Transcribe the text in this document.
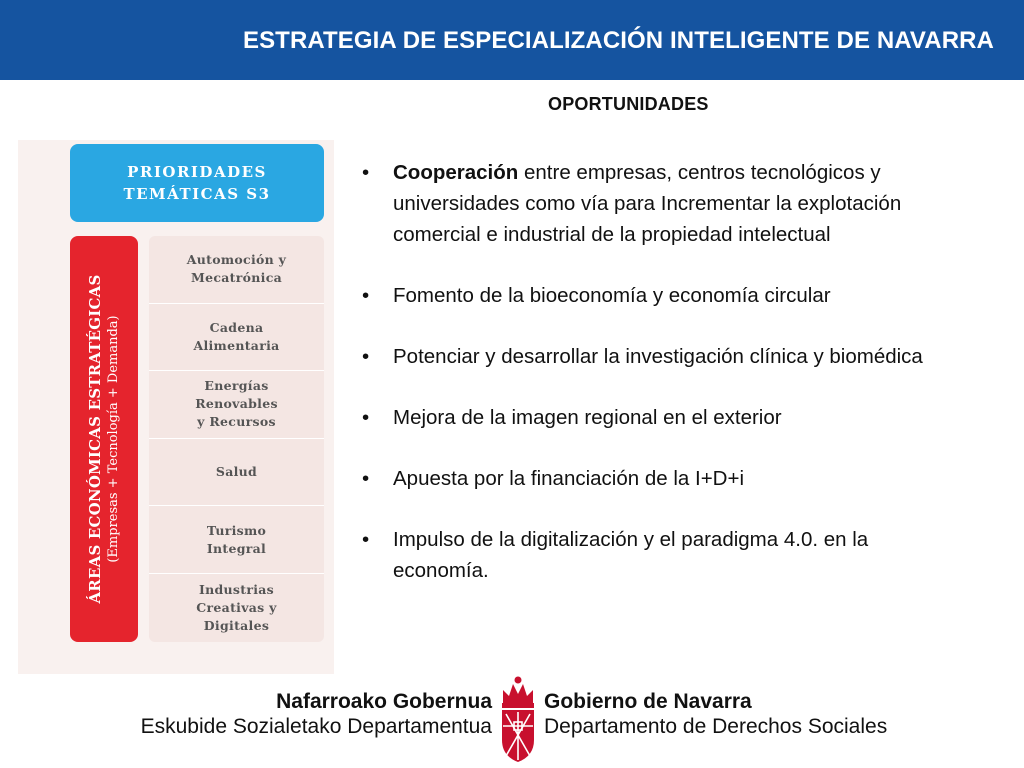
ESTRATEGIA DE ESPECIALIZACIÓN INTELIGENTE DE NAVARRA
OPORTUNIDADES
PRIORIDADES
TEMÁTICAS S3
ÁREAS ECONÓMICAS ESTRATÉGICAS (Empresas + Tecnología + Demanda)
Automoción y
Mecatrónica
Cadena
Alimentaria
Energías
Renovables
y Recursos
Salud
Turismo
Integral
Industrias
Creativas y
Digitales
• Cooperación entre empresas, centros tecnológicos y universidades como vía para Incrementar la explotación comercial e industrial de la propiedad intelectual
• Fomento de la bioeconomía y economía circular
• Potenciar y desarrollar la investigación clínica y biomédica
• Mejora de la imagen regional en el exterior
• Apuesta por la financiación de la I+D+i
• Impulso de la digitalización y el paradigma 4.0. en la economía.
Nafarroako Gobernua
Eskubide Sozialetako Departamentua
Gobierno de Navarra
Departamento de Derechos Sociales
